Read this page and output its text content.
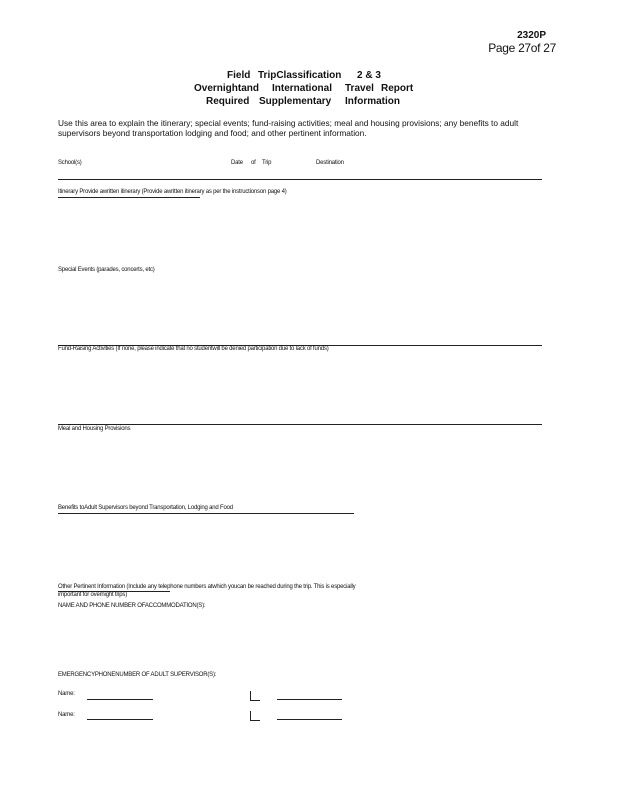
2320P
Page 27of 27
Field TripClassification 2 & 3
Overnightand International Travel Report
Required Supplementary Information
Use this area to explain the itinerary; special events; fund-raising activities; meal and housing provisions; any benefits to adult supervisors beyond transportation lodging and food; and other pertinent information.
School(s)	Date of Trip	Destination
Itinerary Provide awritten itinerary (Provide awritten itinerary as per the instructionson page 4)
Special Events (parades, concerts, etc)
Fund-Raising Activities (If none, please indicate that no studentwill be denied participation due to lack of funds)
Meal and Housing Provisions
Benefits toAdult Supervisors beyond Transportation, Lodging and Food
Other Pertinent Information (Include any telephone numbers atwhich youcan be reached during the trip. This is especially
important for overnight trips)
NAME AND PHONE NUMBER OFACCOMMODATION(S):
EMERGENCYPHONENUMBER OF ADULT SUPERVISOR(S):
Name:
Name:
